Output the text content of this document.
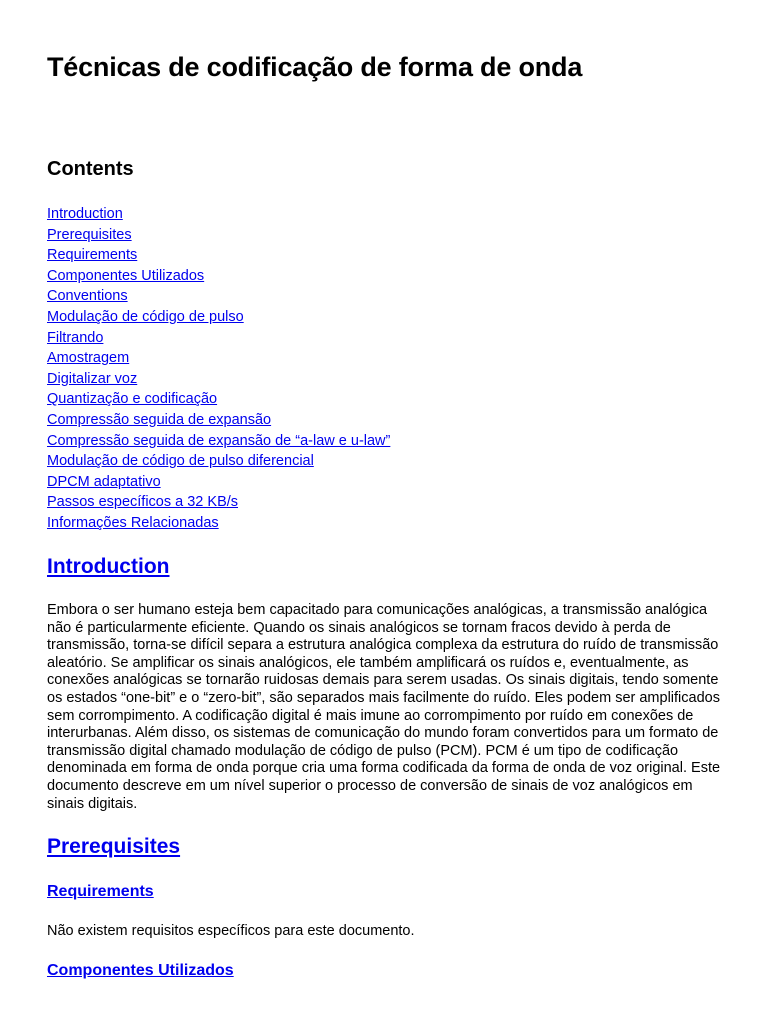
Técnicas de codificação de forma de onda
Contents
Introduction
Prerequisites
Requirements
Componentes Utilizados
Conventions
Modulação de código de pulso
Filtrando
Amostragem
Digitalizar voz
Quantização e codificação
Compressão seguida de expansão
Compressão seguida de expansão de “a-law e u-law”
Modulação de código de pulso diferencial
DPCM adaptativo
Passos específicos a 32 KB/s
Informações Relacionadas
Introduction

Embora o ser humano esteja bem capacitado para comunicações analógicas, a transmissão analógica não é particularmente eficiente. Quando os sinais analógicos se tornam fracos devido à perda de transmissão, torna-se difícil separa a estrutura analógica complexa da estrutura do ruído de transmissão aleatório. Se amplificar os sinais analógicos, ele também amplificará os ruídos e, eventualmente, as conexões analógicas se tornarão ruidosas demais para serem usadas. Os sinais digitais, tendo somente os estados “one-bit” e o “zero-bit”, são separados mais facilmente do ruído. Eles podem ser amplificados sem corrompimento. A codificação digital é mais imune ao corrompimento por ruído em conexões de interurbanas. Além disso, os sistemas de comunicação do mundo foram convertidos para um formato de transmissão digital chamado modulação de código de pulso (PCM). PCM é um tipo de codificação denominada em forma de onda porque cria uma forma codificada da forma de onda de voz original. Este documento descreve em um nível superior o processo de conversão de sinais de voz analógicos em sinais digitais.

Prerequisites
Requirements

Não existem requisitos específicos para este documento.

Componentes Utilizados
